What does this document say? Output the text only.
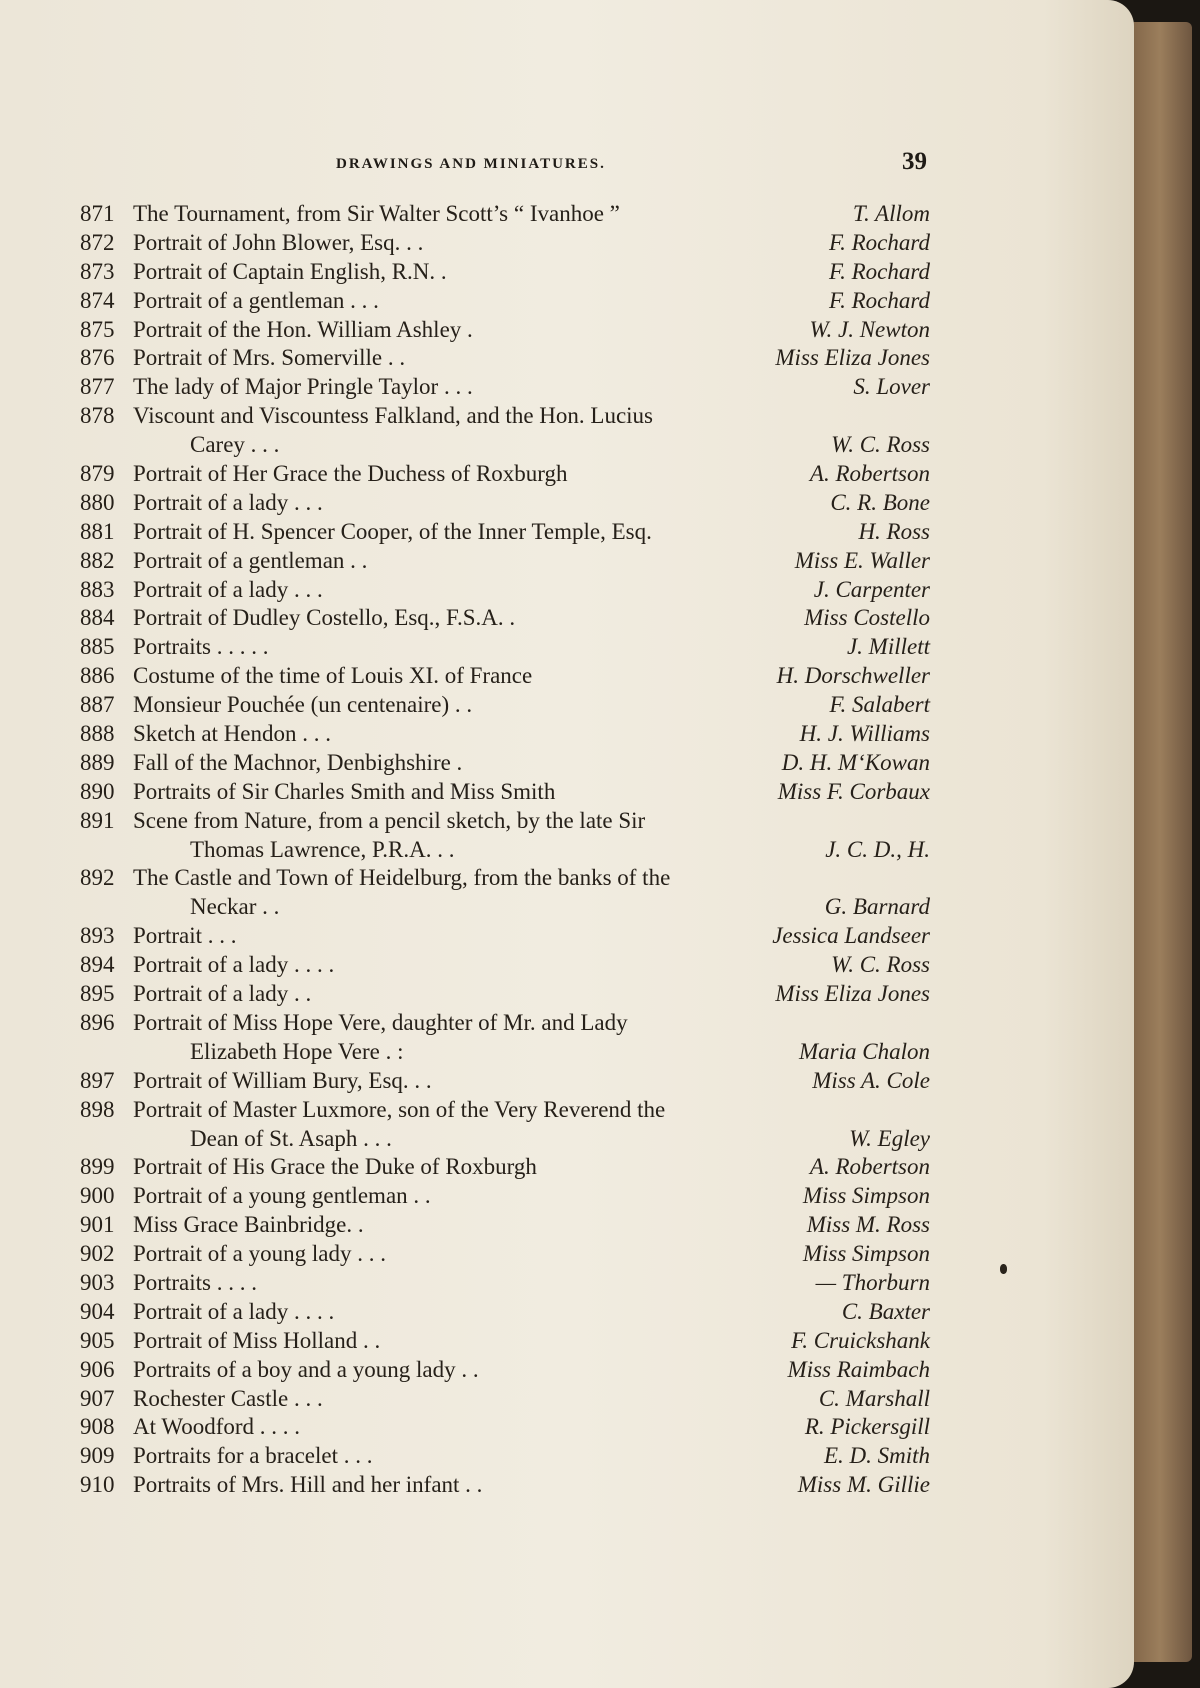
DRAWINGS AND MINIATURES.	39
871 The Tournament, from Sir Walter Scott’s “ Ivanhoe ”	T. Allom
872 Portrait of John Blower, Esq. . .	F. Rochard
873 Portrait of Captain English, R.N. .	F. Rochard
874 Portrait of a gentleman . . .	F. Rochard
875 Portrait of the Hon. William Ashley .	W. J. Newton
876 Portrait of Mrs. Somerville . .	Miss Eliza Jones
877 The lady of Major Pringle Taylor . . .	S. Lover
878 Viscount and Viscountess Falkland, and the Hon. Lucius
Carey . . .	W. C. Ross
879 Portrait of Her Grace the Duchess of Roxburgh	A. Robertson
880 Portrait of a lady . . .	C. R. Bone
881 Portrait of H. Spencer Cooper, of the Inner Temple, Esq.	H. Ross
882 Portrait of a gentleman . .	Miss E. Waller
883 Portrait of a lady . . .	J. Carpenter
884 Portrait of Dudley Costello, Esq., F.S.A. .	Miss Costello
885 Portraits . . . . .	J. Millett
886 Costume of the time of Louis XI. of France	H. Dorschweller
887 Monsieur Pouchée (un centenaire) . .	F. Salabert
888 Sketch at Hendon . . .	H. J. Williams
889 Fall of the Machnor, Denbighshire .	D. H. M‘Kowan
890 Portraits of Sir Charles Smith and Miss Smith	Miss F. Corbaux
891 Scene from Nature, from a pencil sketch, by the late Sir
Thomas Lawrence, P.R.A. . .	J. C. D., H.
892 The Castle and Town of Heidelburg, from the banks of the
Neckar . .	G. Barnard
893 Portrait . . .	Jessica Landseer
894 Portrait of a lady . . . .	W. C. Ross
895 Portrait of a lady . .	Miss Eliza Jones
896 Portrait of Miss Hope Vere, daughter of Mr. and Lady
Elizabeth Hope Vere . :	Maria Chalon
897 Portrait of William Bury, Esq. . .	Miss A. Cole
898 Portrait of Master Luxmore, son of the Very Reverend the
Dean of St. Asaph . . .	W. Egley
899 Portrait of His Grace the Duke of Roxburgh	A. Robertson
900 Portrait of a young gentleman . .	Miss Simpson
901 Miss Grace Bainbridge. .	Miss M. Ross
902 Portrait of a young lady . . .	Miss Simpson
903 Portraits . . . .	— Thorburn
904 Portrait of a lady . . . .	C. Baxter
905 Portrait of Miss Holland . .	F. Cruickshank
906 Portraits of a boy and a young lady . .	Miss Raimbach
907 Rochester Castle . . .	C. Marshall
908 At Woodford . . . .	R. Pickersgill
909 Portraits for a bracelet . . .	E. D. Smith
910 Portraits of Mrs. Hill and her infant . .	Miss M. Gillie
